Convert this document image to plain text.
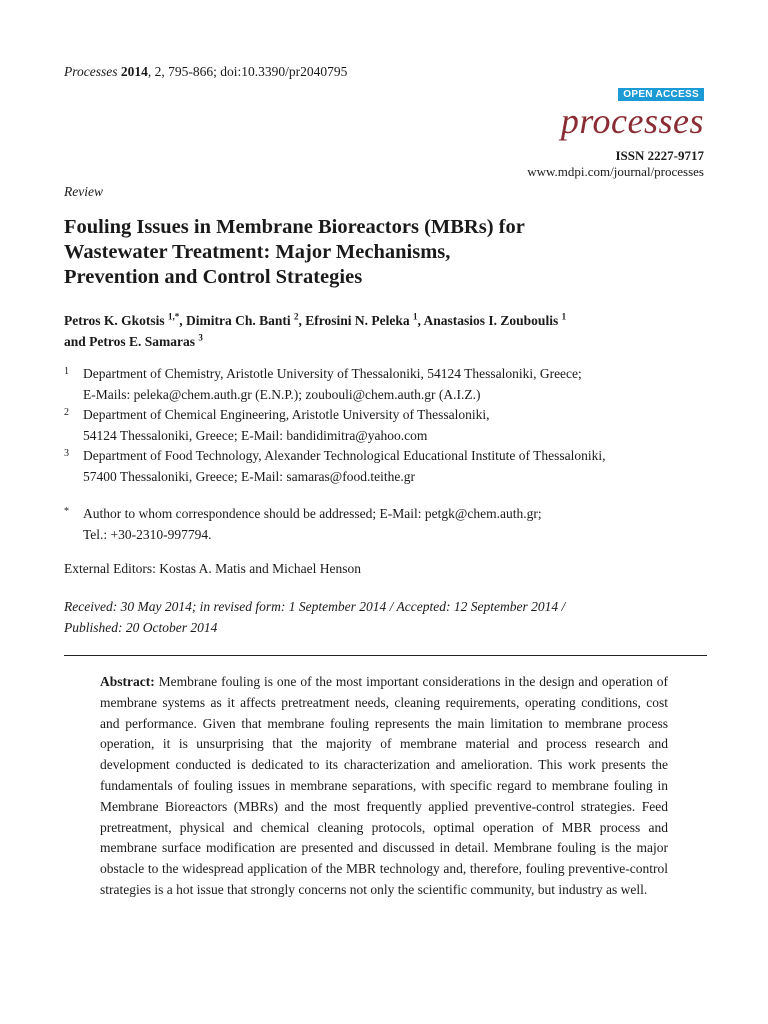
Processes 2014, 2, 795-866; doi:10.3390/pr2040795
OPEN ACCESS
processes
ISSN 2227-9717
www.mdpi.com/journal/processes
Review
Fouling Issues in Membrane Bioreactors (MBRs) for
Wastewater Treatment: Major Mechanisms,
Prevention and Control Strategies
Petros K. Gkotsis $^{1,*}$, Dimitra Ch. Banti $^2$, Efrosini N. Peleka $^1$, Anastasios I. Zouboulis $^1$
and Petros E. Samaras $^3$
1 Department of Chemistry, Aristotle University of Thessaloniki, 54124 Thessaloniki, Greece;

E-Mails: peleka@chem.auth.gr (E.N.P.); zoubouli@chem.auth.gr (A.I.Z.)

2 Department of Chemical Engineering, Aristotle University of Thessaloniki,

54124 Thessaloniki, Greece; E-Mail: bandidimitra@yahoo.com

3 Department of Food Technology, Alexander Technological Educational Institute of Thessaloniki,

57400 Thessaloniki, Greece; E-Mail: samaras@food.teithe.gr

* Author to whom correspondence should be addressed; E-Mail: petgk@chem.auth.gr;

Tel.: +30-2310-997794.

External Editors: Kostas A. Matis and Michael Henson
Received: 30 May 2014; in revised form: 1 September 2014 / Accepted: 12 September 2014 /
Published: 20 October 2014
Abstract: Membrane fouling is one of the most important considerations in the design and operation of membrane systems as it affects pretreatment needs, cleaning requirements, operating conditions, cost and performance. Given that membrane fouling represents the main limitation to membrane process operation, it is unsurprising that the majority of membrane material and process research and development conducted is dedicated to its characterization and amelioration. This work presents the fundamentals of fouling issues in membrane separations, with specific regard to membrane fouling in Membrane Bioreactors (MBRs) and the most frequently applied preventive-control strategies. Feed pretreatment, physical and chemical cleaning protocols, optimal operation of MBR process and membrane surface modification are presented and discussed in detail. Membrane fouling is the major obstacle to the widespread application of the MBR technology and, therefore, fouling preventive-control strategies is a hot issue that strongly concerns not only the scientific community, but industry as well.
